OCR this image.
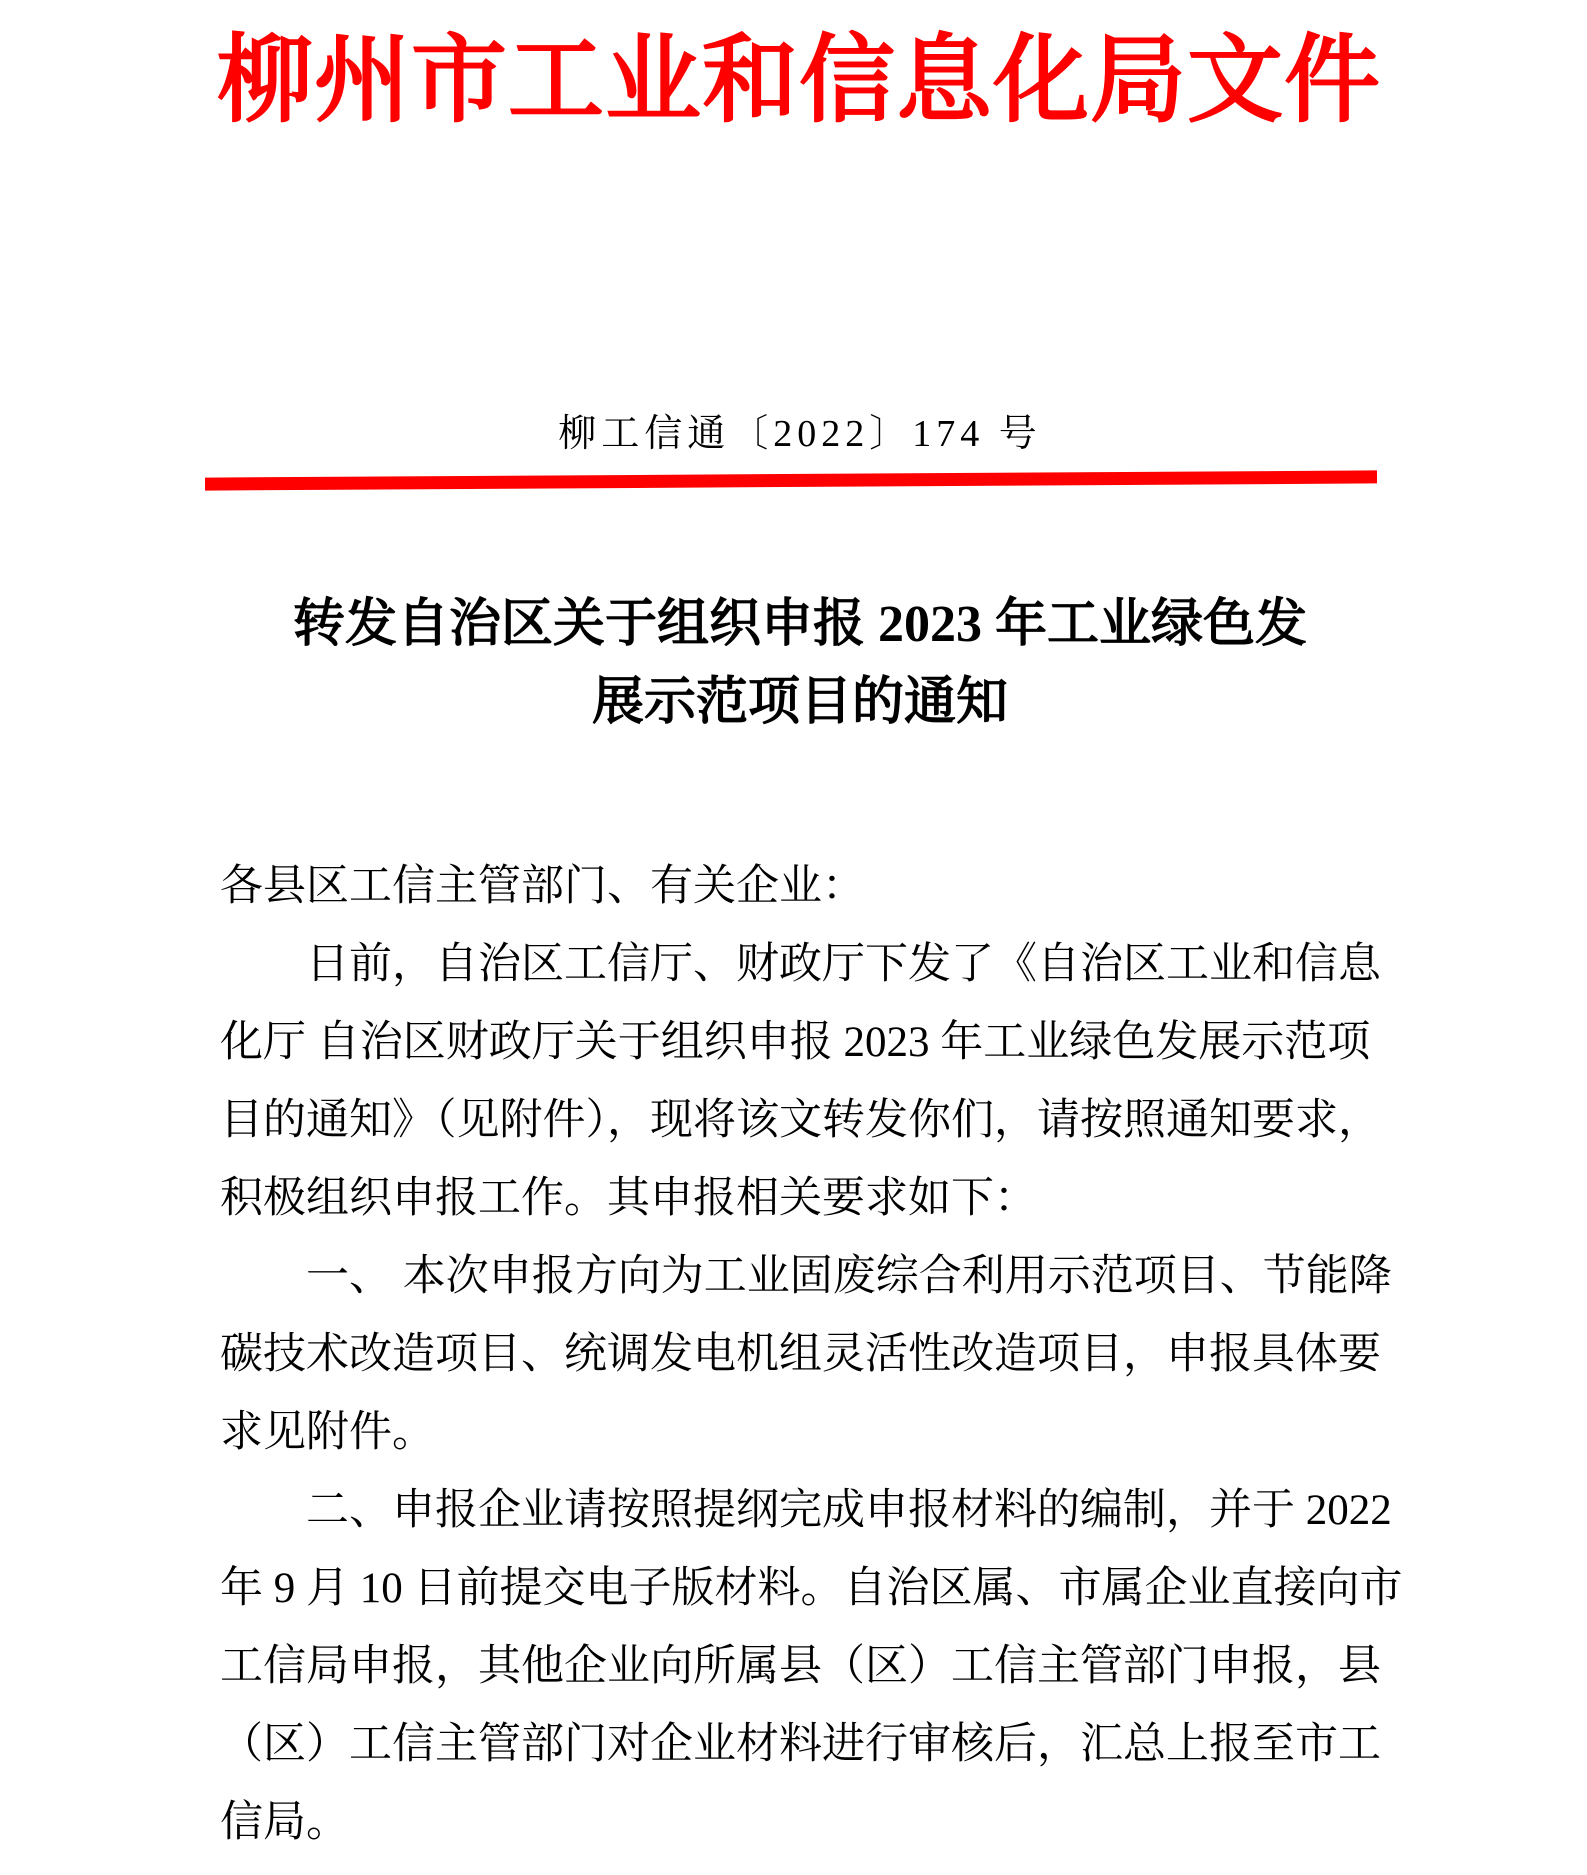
柳州市工业和信息化局文件
柳工信通〔2022〕174 号
转发自治区关于组织申报 2023 年工业绿色发
展示范项目的通知
各县区工信主管部门、有关企业：
日前，自治区工信厅、财政厅下发了《自治区工业和信息
化厅 自治区财政厅关于组织申报 2023 年工业绿色发展示范项
目的通知》（见附件），现将该文转发你们，请按照通知要求，
积极组织申报工作。其申报相关要求如下：
一、 本次申报方向为工业固废综合利用示范项目、节能降
碳技术改造项目、统调发电机组灵活性改造项目，申报具体要
求见附件。
二、申报企业请按照提纲完成申报材料的编制，并于 2022
年 9 月 10 日前提交电子版材料。自治区属、市属企业直接向市
工信局申报，其他企业向所属县（区）工信主管部门申报，县
（区）工信主管部门对企业材料进行审核后，汇总上报至市工
信局。
